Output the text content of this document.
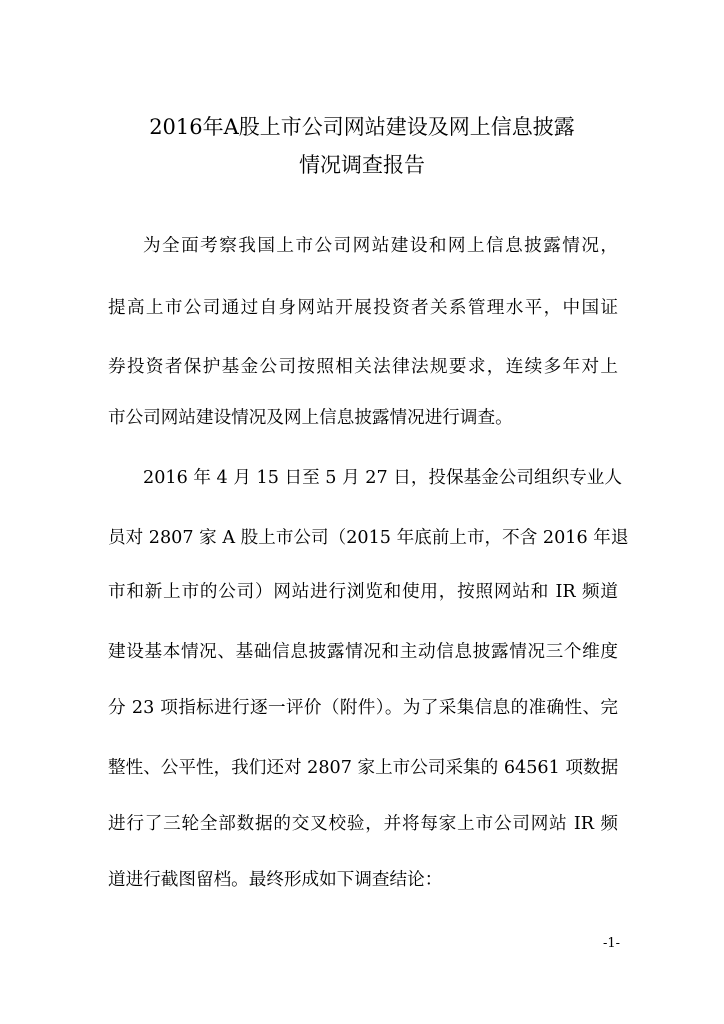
2016年A股上市公司网站建设及网上信息披露
情况调查报告
为全面考察我国上市公司网站建设和网上信息披露情况，
提高上市公司通过自身网站开展投资者关系管理水平，中国证
券投资者保护基金公司按照相关法律法规要求，连续多年对上
市公司网站建设情况及网上信息披露情况进行调查。
2016 年 4 月 15 日至 5 月 27 日，投保基金公司组织专业人
员对 2807 家 A 股上市公司（2015 年底前上市，不含 2016 年退
市和新上市的公司）网站进行浏览和使用，按照网站和 IR 频道
建设基本情况、基础信息披露情况和主动信息披露情况三个维度
分 23 项指标进行逐一评价（附件）。为了采集信息的准确性、完
整性、公平性，我们还对 2807 家上市公司采集的 64561 项数据
进行了三轮全部数据的交叉校验，并将每家上市公司网站 IR 频
道进行截图留档。最终形成如下调查结论：
-1-
